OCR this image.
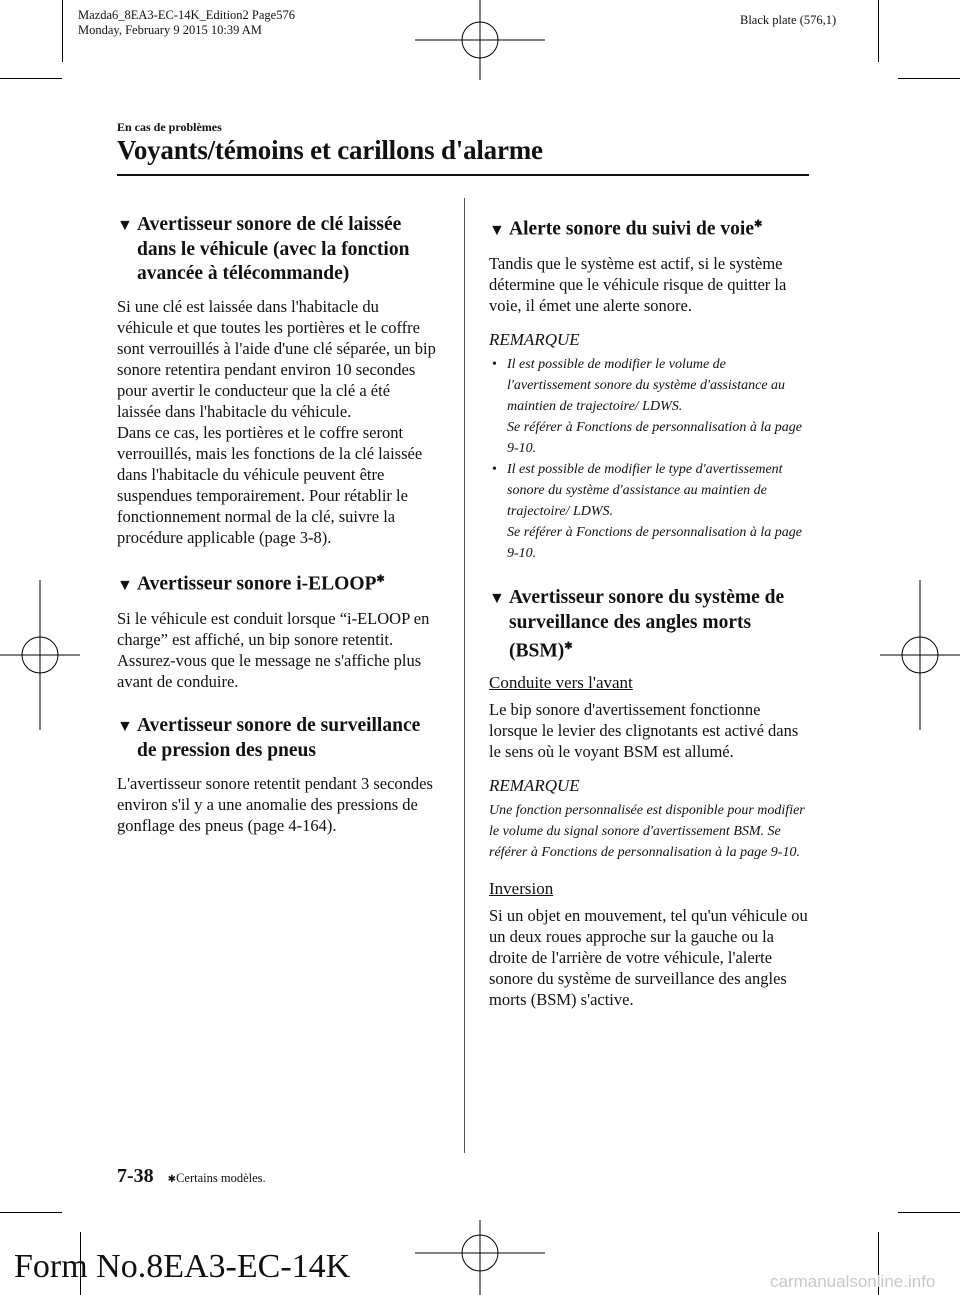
Mazda6_8EA3-EC-14K_Edition2 Page576
Monday, February 9 2015 10:39 AM
Black plate (576,1)
En cas de problèmes
Voyants/témoins et carillons d'alarme
▼ Avertisseur sonore de clé laissée dans le véhicule (avec la fonction avancée à télécommande)

Si une clé est laissée dans l'habitacle du véhicule et que toutes les portières et le coffre sont verrouillés à l'aide d'une clé séparée, un bip sonore retentira pendant environ 10 secondes pour avertir le conducteur que la clé a été laissée dans l'habitacle du véhicule.

Dans ce cas, les portières et le coffre seront verrouillés, mais les fonctions de la clé laissée dans l'habitacle du véhicule peuvent être suspendues temporairement. Pour rétablir le fonctionnement normal de la clé, suivre la procédure applicable (page 3-8).

▼ Avertisseur sonore i-ELOOP✱

Si le véhicule est conduit lorsque “i-ELOOP en charge” est affiché, un bip sonore retentit. Assurez-vous que le message ne s'affiche plus avant de conduire.

▼ Avertisseur sonore de surveillance de pression des pneus

L'avertisseur sonore retentit pendant 3 secondes environ s'il y a une anomalie des pressions de gonflage des pneus (page 4-164).

▼ Alerte sonore du suivi de voie✱

Tandis que le système est actif, si le système détermine que le véhicule risque de quitter la voie, il émet une alerte sonore.

REMARQUE
• Il est possible de modifier le volume de l'avertissement sonore du système d'assistance au maintien de trajectoire/ LDWS.
Se référer à Fonctions de personnalisation à la page 9-10.
• Il est possible de modifier le type d'avertissement sonore du système d'assistance au maintien de trajectoire/ LDWS.
Se référer à Fonctions de personnalisation à la page 9-10.
▼ Avertisseur sonore du système de surveillance des angles morts (BSM)✱
Conduite vers l'avant

Le bip sonore d'avertissement fonctionne lorsque le levier des clignotants est activé dans le sens où le voyant BSM est allumé.

REMARQUE

Une fonction personnalisée est disponible pour modifier le volume du signal sonore d'avertissement BSM. Se référer à Fonctions de personnalisation à la page 9-10.

Inversion

Si un objet en mouvement, tel qu'un véhicule ou un deux roues approche sur la gauche ou la droite de l'arrière de votre véhicule, l'alerte sonore du système de surveillance des angles morts (BSM) s'active.

7-38 ✱ Certains modèles.
Form No.8EA3-EC-14K	carmanualsonline.info
